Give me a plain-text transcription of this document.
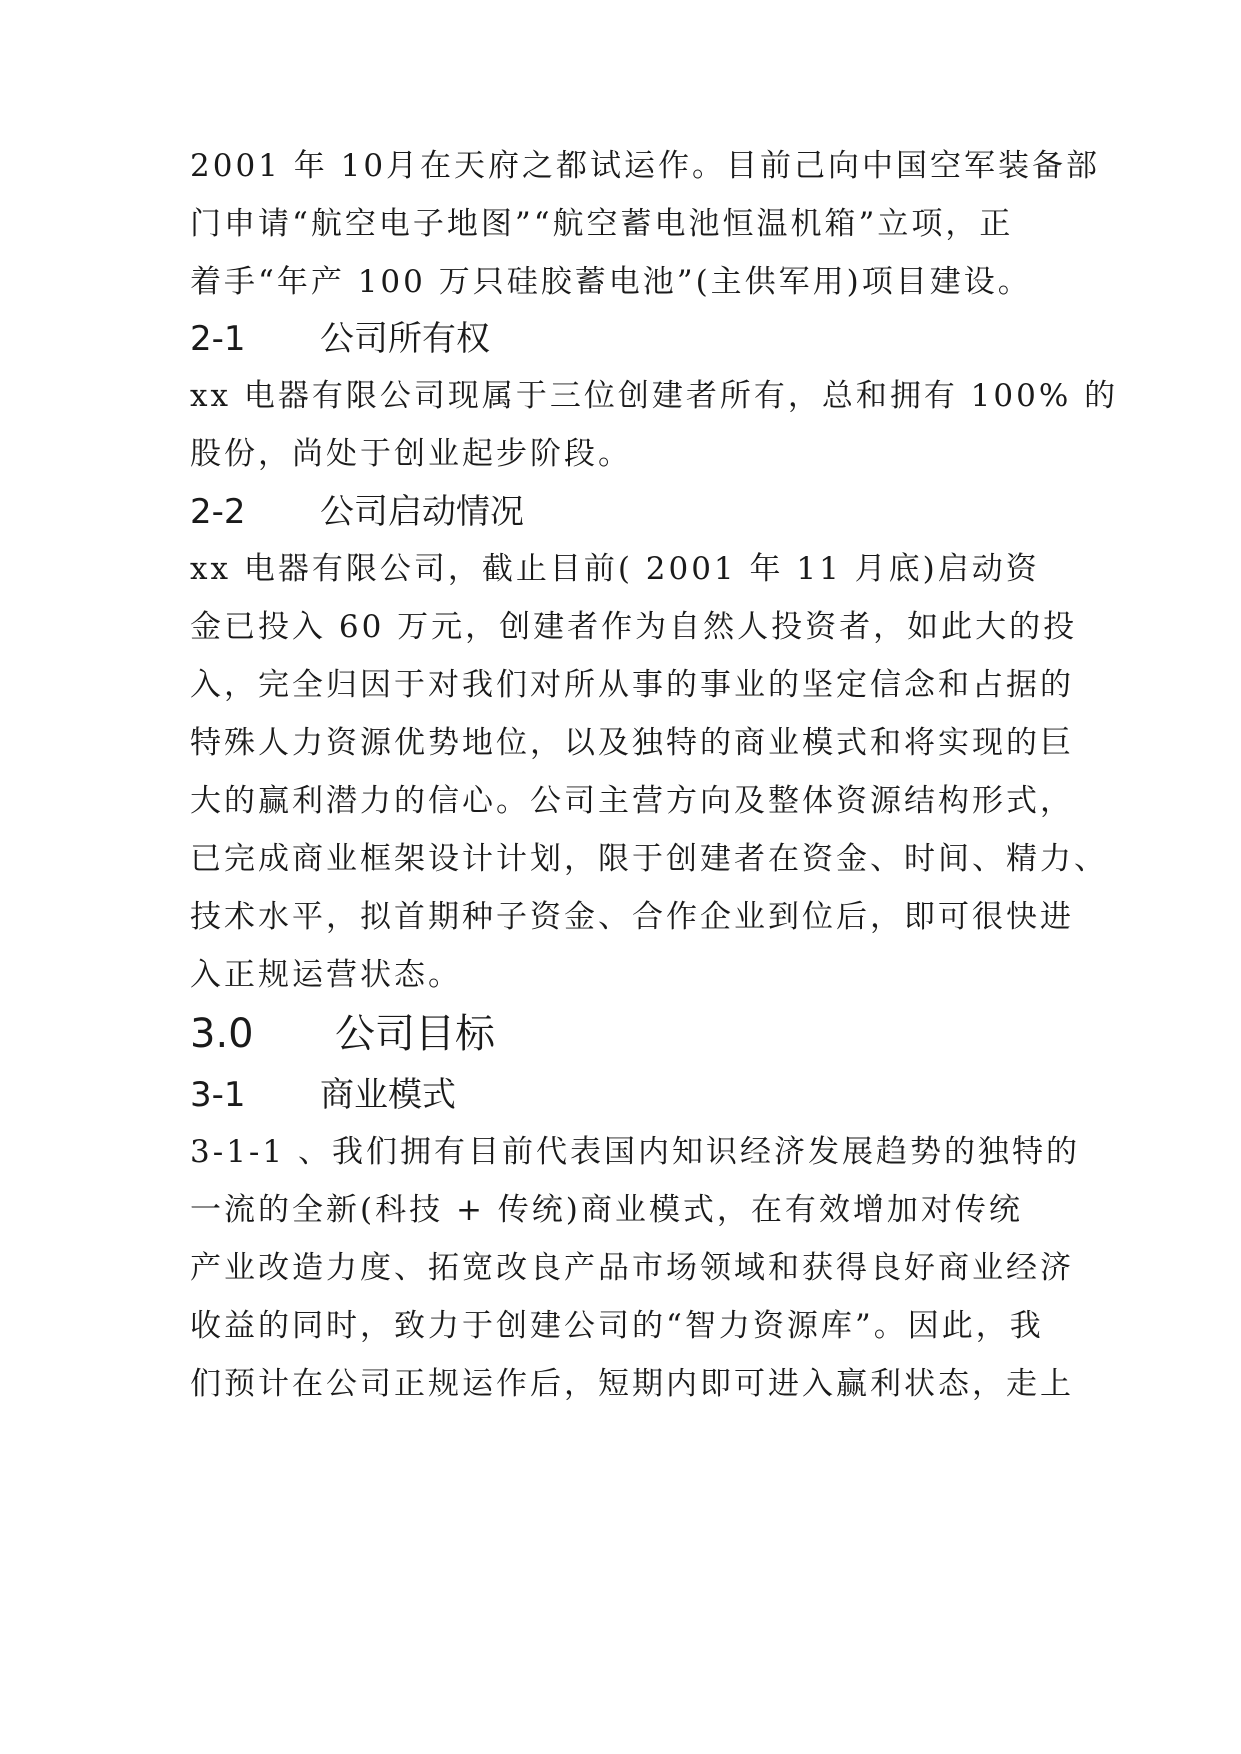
2001 年 10月在天府之都试运作。目前己向中国空军装备部
门申请“航空电子地图”“航空蓄电池恒温机箱”立项，正
着手“年产 100 万只硅胶蓄电池”(主供军用)项目建设。
2-1 公司所有权
xx 电器有限公司现属于三位创建者所有，总和拥有 100% 的
股份，尚处于创业起步阶段。
2-2 公司启动情况
xx 电器有限公司，截止目前( 2001 年 11 月底)启动资
金已投入 60 万元，创建者作为自然人投资者，如此大的投
入，完全归因于对我们对所从事的事业的坚定信念和占据的
特殊人力资源优势地位，以及独特的商业模式和将实现的巨
大的赢利潜力的信心。公司主营方向及整体资源结构形式，
已完成商业框架设计计划，限于创建者在资金、时间、精力、
技术水平，拟首期种子资金、合作企业到位后，即可很快进
入正规运营状态。
3.0 公司目标
3-1 商业模式
3-1-1 、我们拥有目前代表国内知识经济发展趋势的独特的
一流的全新(科技 + 传统)商业模式，在有效增加对传统
产业改造力度、拓宽改良产品市场领域和获得良好商业经济
收益的同时，致力于创建公司的“智力资源库”。因此，我
们预计在公司正规运作后，短期内即可进入赢利状态，走上
